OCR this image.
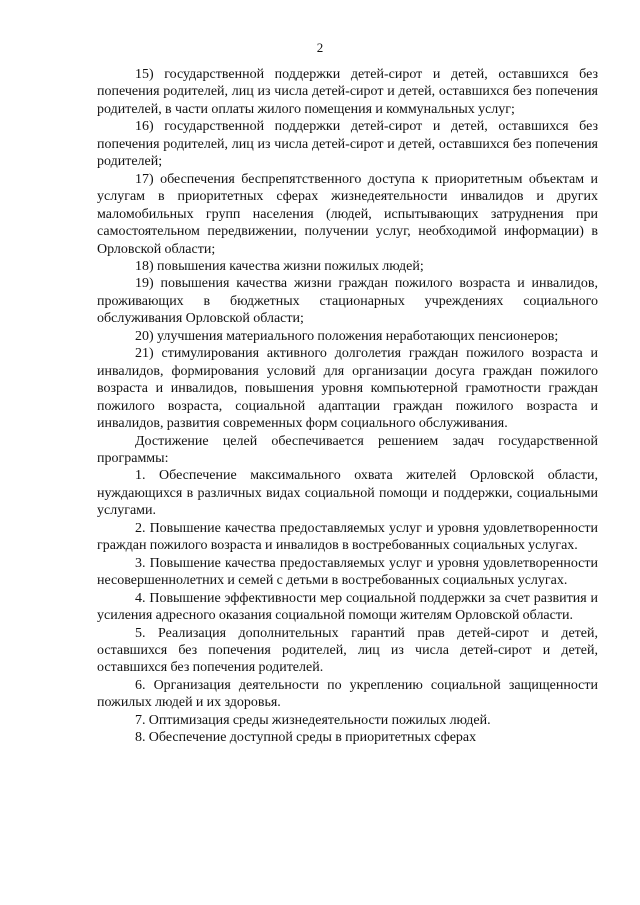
2

15) государственной поддержки детей-сирот и детей, оставшихся без попечения родителей, лиц из числа детей-сирот и детей, оставшихся без попечения родителей, в части оплаты жилого помещения и коммунальных услуг;

16) государственной поддержки детей-сирот и детей, оставшихся без попечения родителей, лиц из числа детей-сирот и детей, оставшихся без попечения родителей;

17) обеспечения беспрепятственного доступа к приоритетным объектам и услугам в приоритетных сферах жизнедеятельности инвалидов и других маломобильных групп населения (людей, испытывающих затруднения при самостоятельном передвижении, получении услуг, необходимой информации) в Орловской области;

18) повышения качества жизни пожилых людей;

19) повышения качества жизни граждан пожилого возраста и инвалидов, проживающих в бюджетных стационарных учреждениях социального обслуживания Орловской области;

20) улучшения материального положения неработающих пенсионеров;

21) стимулирования активного долголетия граждан пожилого возраста и инвалидов, формирования условий для организации досуга граждан пожилого возраста и инвалидов, повышения уровня компьютерной грамотности граждан пожилого возраста, социальной адаптации граждан пожилого возраста и инвалидов, развития современных форм социального обслуживания.

Достижение целей обеспечивается решением задач государственной программы:

1. Обеспечение максимального охвата жителей Орловской области, нуждающихся в различных видах социальной помощи и поддержки, социальными услугами.

2. Повышение качества предоставляемых услуг и уровня удовлетворенности граждан пожилого возраста и инвалидов в востребованных социальных услугах.

3. Повышение качества предоставляемых услуг и уровня удовлетворенности несовершеннолетних и семей с детьми в востребованных социальных услугах.

4. Повышение эффективности мер социальной поддержки за счет развития и усиления адресного оказания социальной помощи жителям Орловской области.

5. Реализация дополнительных гарантий прав детей-сирот и детей, оставшихся без попечения родителей, лиц из числа детей-сирот и детей, оставшихся без попечения родителей.

6. Организация деятельности по укреплению социальной защищенности пожилых людей и их здоровья.

7. Оптимизация среды жизнедеятельности пожилых людей.

8. Обеспечение доступной среды в приоритетных сферах
